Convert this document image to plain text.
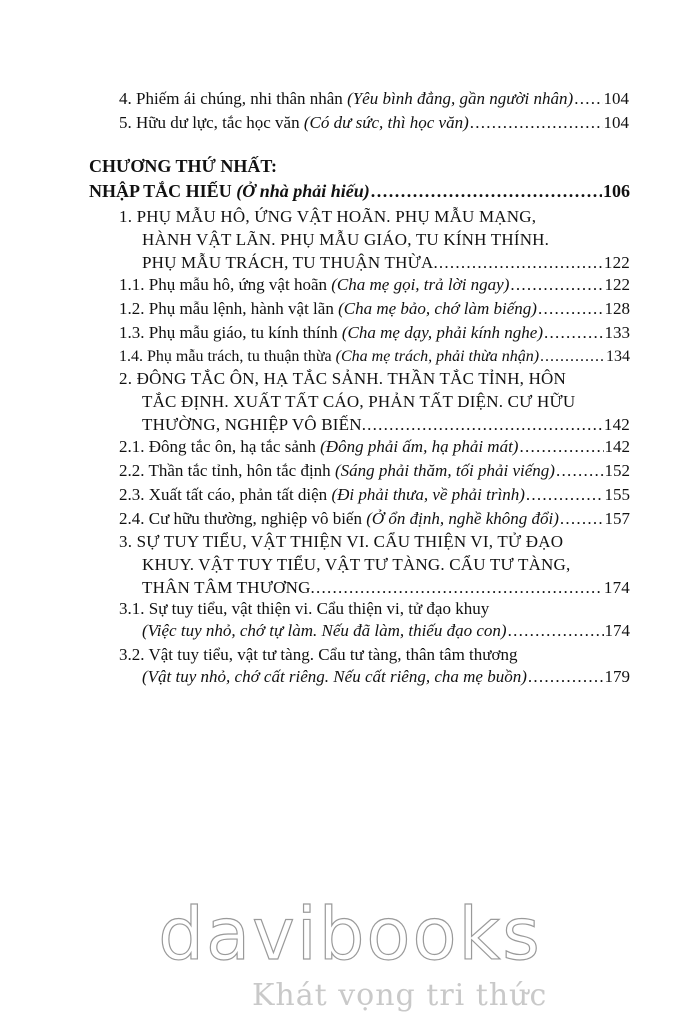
4. Phiếm ái chúng, nhi thân nhân (Yêu bình đẳng, gần người nhân) . . . 104
5. Hữu dư lực, tắc học văn (Có dư sức, thì học văn) . . .	104
CHƯƠNG THỨ NHẤT:
NHẬP TẮC HIẾU (Ở nhà phải hiếu) . . .	106
1. PHỤ MẪU HÔ, ỨNG VẬT HOÃN. PHỤ MẪU MẠNG,
HÀNH VẬT LÃN. PHỤ MẪU GIÁO, TU KÍNH THÍNH.
PHỤ MẪU TRÁCH, TU THUẬN THỪA. . . .	122
1.1. Phụ mẫu hô, ứng vật hoãn (Cha mẹ gọi, trả lời ngay) . . .	122
1.2. Phụ mẫu lệnh, hành vật lãn (Cha mẹ bảo, chớ làm biếng) . . .	128
1.3. Phụ mẫu giáo, tu kính thính (Cha mẹ dạy, phải kính nghe) . . .	133
1.4. Phụ mẫu trách, tu thuận thừa (Cha mẹ trách, phải thừa nhận) . . .	134
2. ĐÔNG TẮC ÔN, HẠ TẮC SẢNH. THẦN TẮC TỈNH, HÔN
TẮC ĐỊNH. XUẤT TẤT CÁO, PHẢN TẤT DIỆN. CƯ HỮU
THƯỜNG, NGHIỆP VÔ BIẾN. . . .	142
2.1. Đông tắc ôn, hạ tắc sảnh (Đông phải ấm, hạ phải mát) . . .	142
2.2. Thần tắc tỉnh, hôn tắc định (Sáng phải thăm, tối phải viếng) . . .	152
2.3. Xuất tất cáo, phản tất diện (Đi phải thưa, về phải trình) . . .	155
2.4. Cư hữu thường, nghiệp vô biến (Ở ổn định, nghề không đổi) . . .	157
3. SỰ TUY TIỂU, VẬT THIỆN VI. CẨU THIỆN VI, TỬ ĐẠO
KHUY. VẬT TUY TIỂU, VẬT TƯ TÀNG. CẨU TƯ TÀNG,
THÂN TÂM THƯƠNG. . . .	174
3.1. Sự tuy tiểu, vật thiện vi. Cẩu thiện vi, tử đạo khuy
(Việc tuy nhỏ, chớ tự làm. Nếu đã làm, thiếu đạo con) . . .	174
3.2. Vật tuy tiểu, vật tư tàng. Cẩu tư tàng, thân tâm thương
(Vật tuy nhỏ, chớ cất riêng. Nếu cất riêng, cha mẹ buồn) . . .	179
davibooks
Khát vọng tri thức
